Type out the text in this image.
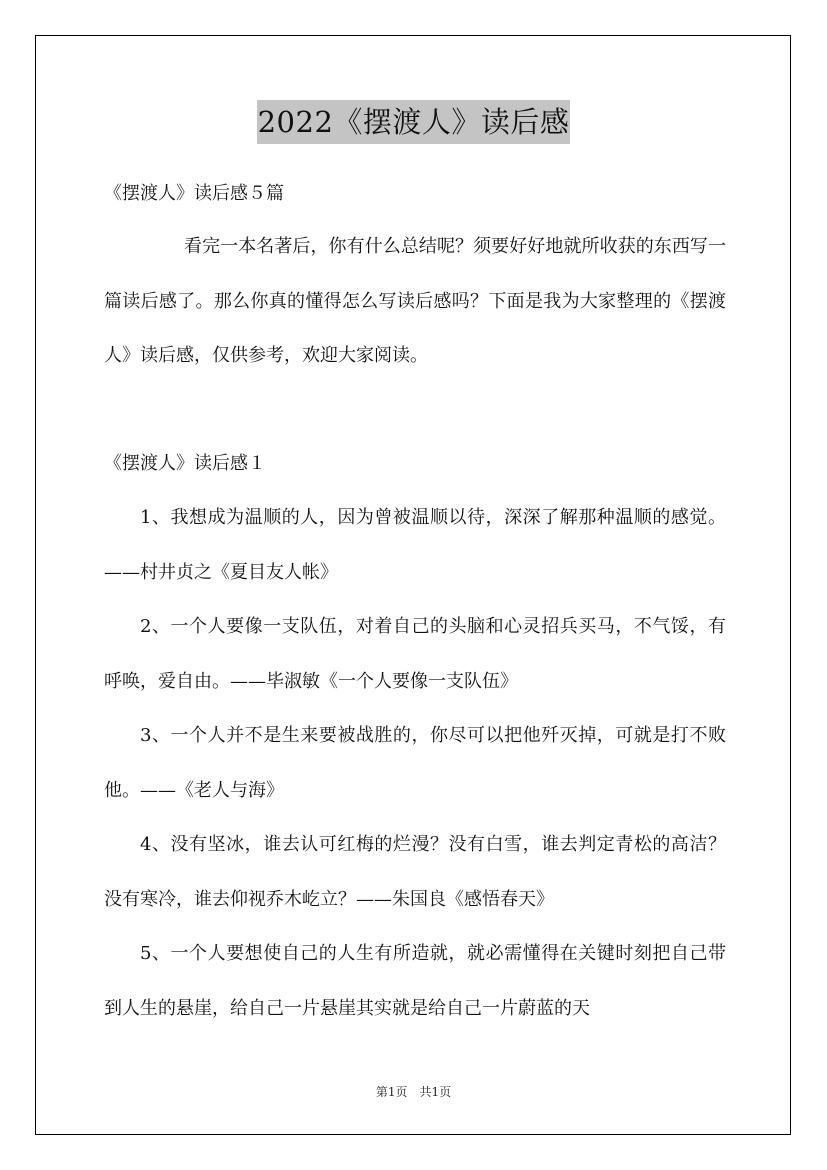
2022《摆渡人》读后感
《摆渡人》读后感５篇
看完一本名著后，你有什么总结呢？须要好好地就所收获的东西写一篇读后感了。那么你真的懂得怎么写读后感吗？下面是我为大家整理的《摆渡人》读后感，仅供参考，欢迎大家阅读。
《摆渡人》读后感１

1、我想成为温顺的人，因为曾被温顺以待，深深了解那种温顺的感觉。——村井贞之《夏目友人帐》

2、一个人要像一支队伍，对着自己的头脑和心灵招兵买马，不气馁，有呼唤，爱自由。——毕淑敏《一个人要像一支队伍》

3、一个人并不是生来要被战胜的，你尽可以把他歼灭掉，可就是打不败他。——《老人与海》

4、没有坚冰，谁去认可红梅的烂漫？没有白雪，谁去判定青松的高洁？没有寒冷，谁去仰视乔木屹立？——朱国良《感悟春天》

5、一个人要想使自己的人生有所造就，就必需懂得在关键时刻把自己带到人生的悬崖，给自己一片悬崖其实就是给自己一片蔚蓝的天

第1页　共1页
